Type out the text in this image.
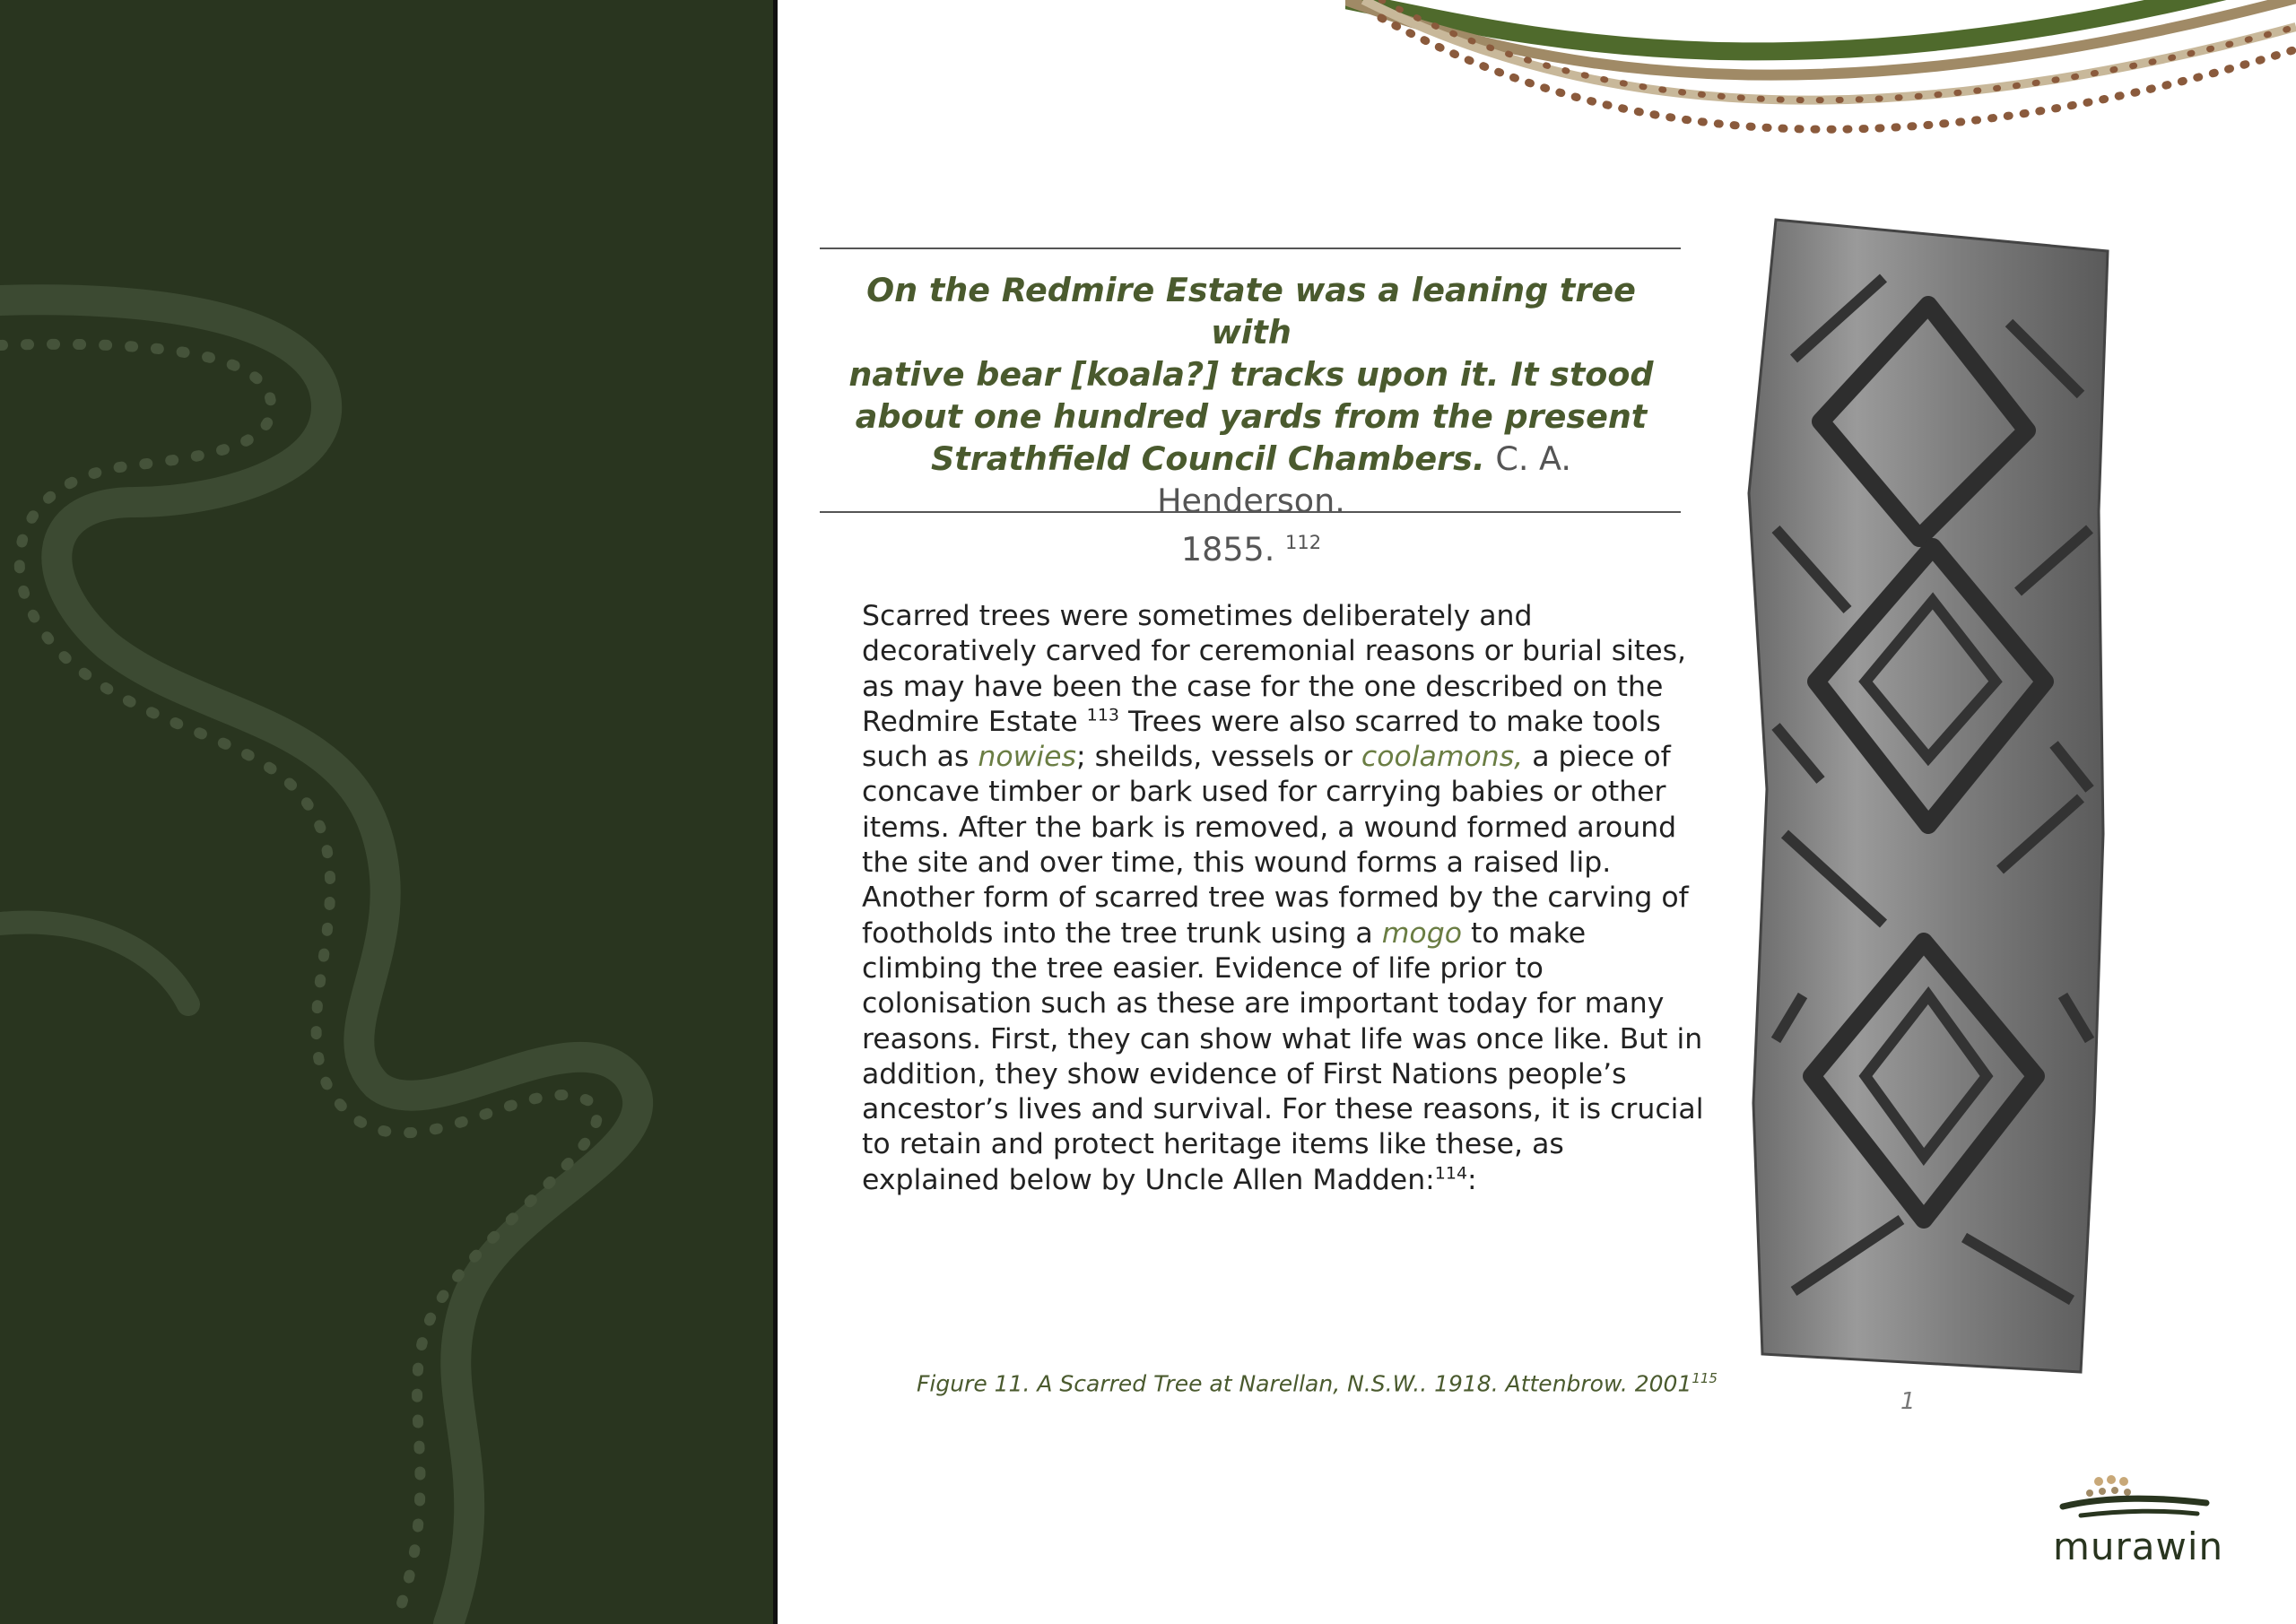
On the Redmire Estate was a leaning tree with
native bear [koala?] tracks upon it. It stood
about one hundred yards from the present
Strathfield Council Chambers. C. A. Henderson.
1855. $^{112}$
Scarred trees were sometimes deliberately and
decoratively carved for ceremonial reasons or burial sites,
as may have been the case for the one described on the
Redmire Estate $^{113}$ Trees were also scarred to make tools
such as nowies; sheilds, vessels or coolamons, a piece of
concave timber or bark used for carrying babies or other
items. After the bark is removed, a wound formed around
the site and over time, this wound forms a raised lip.
Another form of scarred tree was formed by the carving of
footholds into the tree trunk using a mogo to make
climbing the tree easier. Evidence of life prior to
colonisation such as these are important today for many
reasons. First, they can show what life was once like. But in
addition, they show evidence of First Nations people’s
ancestor’s lives and survival. For these reasons, it is crucial
to retain and protect heritage items like these, as
explained below by Uncle Allen Madden:$^{114}$:
Figure 11. A Scarred Tree at Narellan, N.S.W.. 1918. Attenbrow. 2001$^{115}$
1
murawin
